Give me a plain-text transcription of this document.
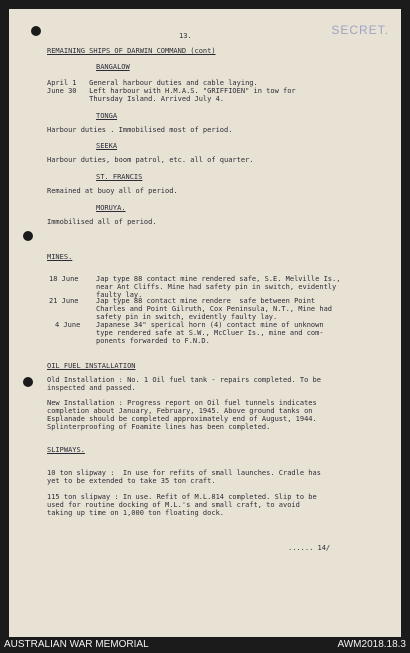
13.	SECRET.
REMAINING SHIPS OF DARWIN COMMAND (cont)
BANGALOW
April 1   General harbour duties and cable laying.
June 30   Left harbour with H.M.A.S. "GRIFFIOEN" in tow for
Thursday Island. Arrived July 4.
TONGA
Harbour duties . Immobilised most of period.
SEEKA
Harbour duties, boom patrol, etc. all of quarter.
ST. FRANCIS
Remained at buoy all of period.
MORUYA.
Immobilised all of period.
MINES.
18 June Jap type 88 contact mine rendered safe, S.E. Melville Is.,
near Ant Cliffs. Mine had safety pin in switch, evidently
faulty lay.
21 June Jap type 88 contact mine rendere  safe between Point
Charles and Point Gilruth, Cox Peninsula, N.T., Mine had
safety pin in switch, evidently faulty lay.
4 June Japanese 34" sperical horn (4) contact mine of unknown
type rendered safe at S.W., McCluer Is., mine and com-
ponents forwarded to F.N.D.
OIL FUEL INSTALLATION
Old Installation : No. 1 Oil fuel tank - repairs completed. To be
inspected and passed.
New Installation : Progress report on Oil fuel tunnels indicates
completion about January, February, 1945. Above ground tanks on
Esplanade should be completed approximately end of August, 1944.
Splinterproofing of Foamite lines has been completed.
SLIPWAYS.
10 ton slipway :  In use for refits of small launches. Cradle has
yet to be extended to take 35 ton craft.
115 ton slipway : In use. Refit of M.L.814 completed. Slip to be
used for routine docking of M.L.'s and small craft, to avoid
taking up time on 1,000 ton floating dock.
...... 14/
AUSTRALIAN WAR MEMORIAL	AWM2018.18.3
